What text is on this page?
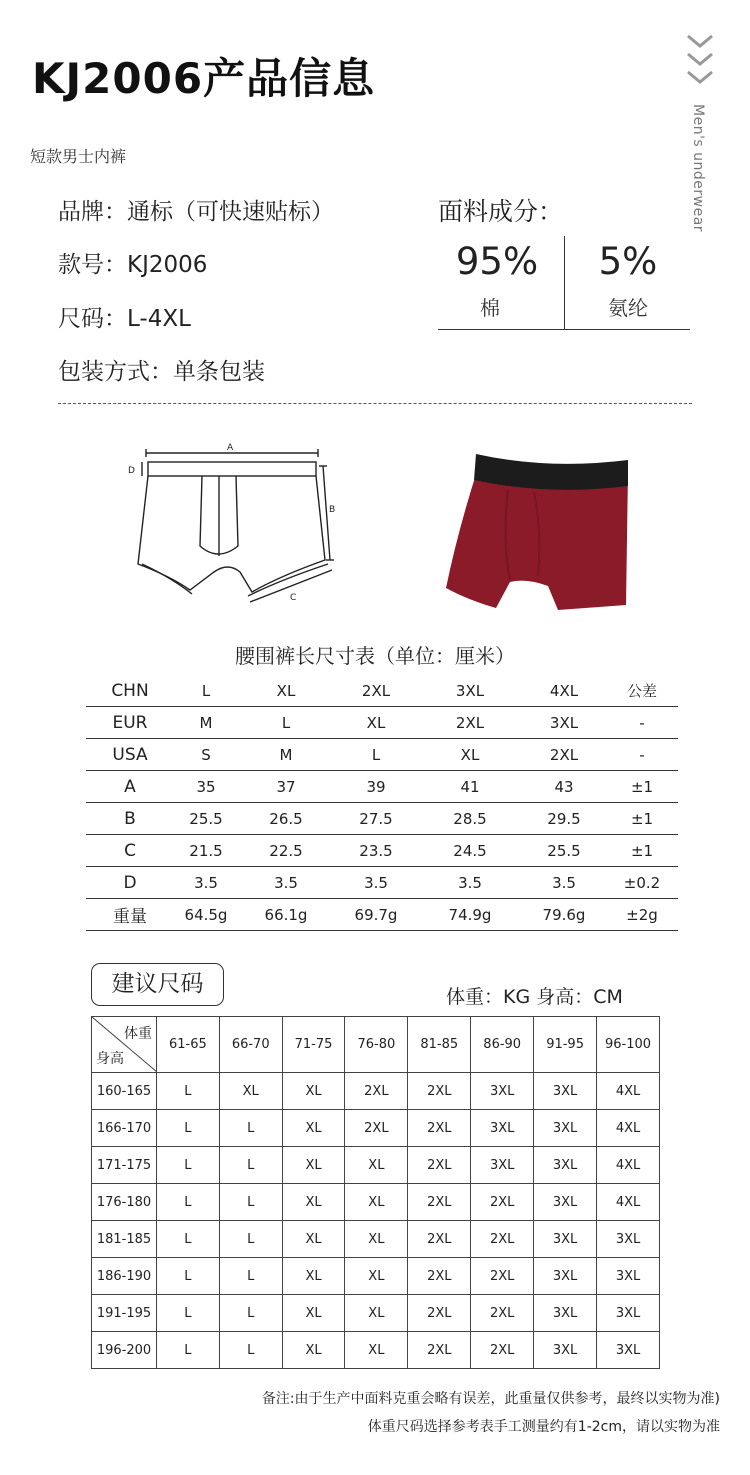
KJ2006产品信息
短款男士内裤	Men's underwear
品牌：通标（可快速贴标）
款号：KJ2006
尺码：L-4XL
包装方式：单条包装
面料成分：
95%
棉
5%
氨纶
A
D
B
C
腰围裤长尺寸表（单位：厘米）
CHN	L	XL	2XL	3XL	4XL	公差
EUR	M	L	XL	2XL	3XL	-
USA	S	M	L	XL	2XL	-
A	35	37	39	41	43	±1
B	25.5	26.5	27.5	28.5	29.5	±1
C	21.5	22.5	23.5	24.5	25.5	±1
D	3.5	3.5	3.5	3.5	3.5	±0.2
重量	64.5g	66.1g	69.7g	74.9g	79.6g	±2g
建议尺码	体重：KG 身高：CM
体重
身高	61-65	66-70	71-75	76-80	81-85	86-90	91-95	96-100
160-165	L	XL	XL	2XL	2XL	3XL	3XL	4XL
166-170	L	L	XL	2XL	2XL	3XL	3XL	4XL
171-175	L	L	XL	XL	2XL	3XL	3XL	4XL
176-180	L	L	XL	XL	2XL	2XL	3XL	4XL
181-185	L	L	XL	XL	2XL	2XL	3XL	3XL
186-190	L	L	XL	XL	2XL	2XL	3XL	3XL
191-195	L	L	XL	XL	2XL	2XL	3XL	3XL
196-200	L	L	XL	XL	2XL	2XL	3XL	3XL
备注:由于生产中面料克重会略有误差，此重量仅供参考，最终以实物为准)
体重尺码选择参考表手工测量约有1-2cm，请以实物为准
